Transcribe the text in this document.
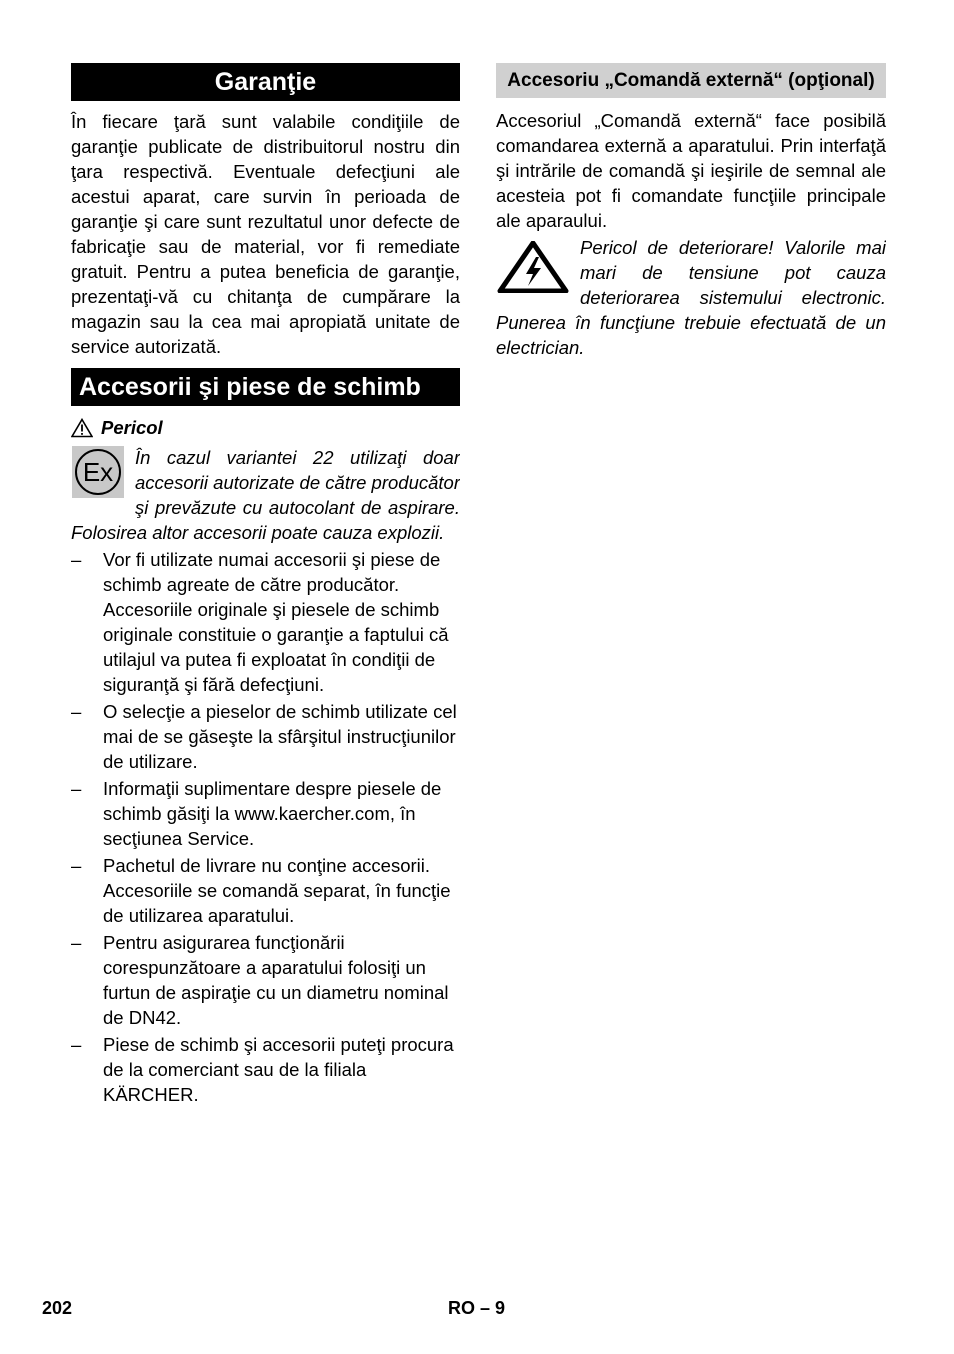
Garanţie

În fiecare ţară sunt valabile condiţiile de garanţie publicate de distribuitorul nostru din ţara respectivă. Eventuale defecţiuni ale acestui aparat, care survin în perioada de garanţie şi care sunt rezultatul unor defecte de fabricaţie sau de material, vor fi remediate gratuit. Pentru a putea beneficia de garanţie, prezentaţi-vă cu chitanţa de cumpărare la magazin sau la cea mai apropiată unitate de service autorizată.

Accesorii şi piese de schimb
Pericol
Ex	În cazul variantei 22 utilizaţi doar accesorii autorizate de către producător şi prevăzute cu autocolant de aspirare. Folosirea altor accesorii poate cauza explozii.

–	Vor fi utilizate numai accesorii şi piese de schimb agreate de către producător. Accesoriile originale şi piesele de schimb originale constituie o garanţie a faptului că utilajul va putea fi exploatat în condiţii de siguranţă şi fără defecţiuni.
–	O selecţie a pieselor de schimb utilizate cel mai de se găseşte la sfârşitul instrucţiunilor de utilizare.
–	Informaţii suplimentare despre piesele de schimb găsiţi la www.kaercher.com, în secţiunea Service.
–	Pachetul de livrare nu conţine accesorii. Accesoriile se comandă separat, în funcţie de utilizarea aparatului.
–	Pentru asigurarea funcţionării corespunzătoare a aparatului folosiţi un furtun de aspiraţie cu un diametru nominal de DN42.
–	Piese de schimb şi accesorii puteţi procura de la comerciant sau de la filiala KÄRCHER.
Accesoriu „Comandă externă“ (opţional)

Accesoriul „Comandă externă“ face posibilă comandarea externă a aparatului. Prin interfaţă şi intrările de comandă şi ieşirile de semnal ale acesteia pot fi comandate funcţiile principale ale aparaului.

Pericol de deteriorare! Valorile mai mari de tensiune pot cauza deteriorarea sistemului electronic. Punerea în funcţiune trebuie efectuată de un electrician.

202	RO – 9
